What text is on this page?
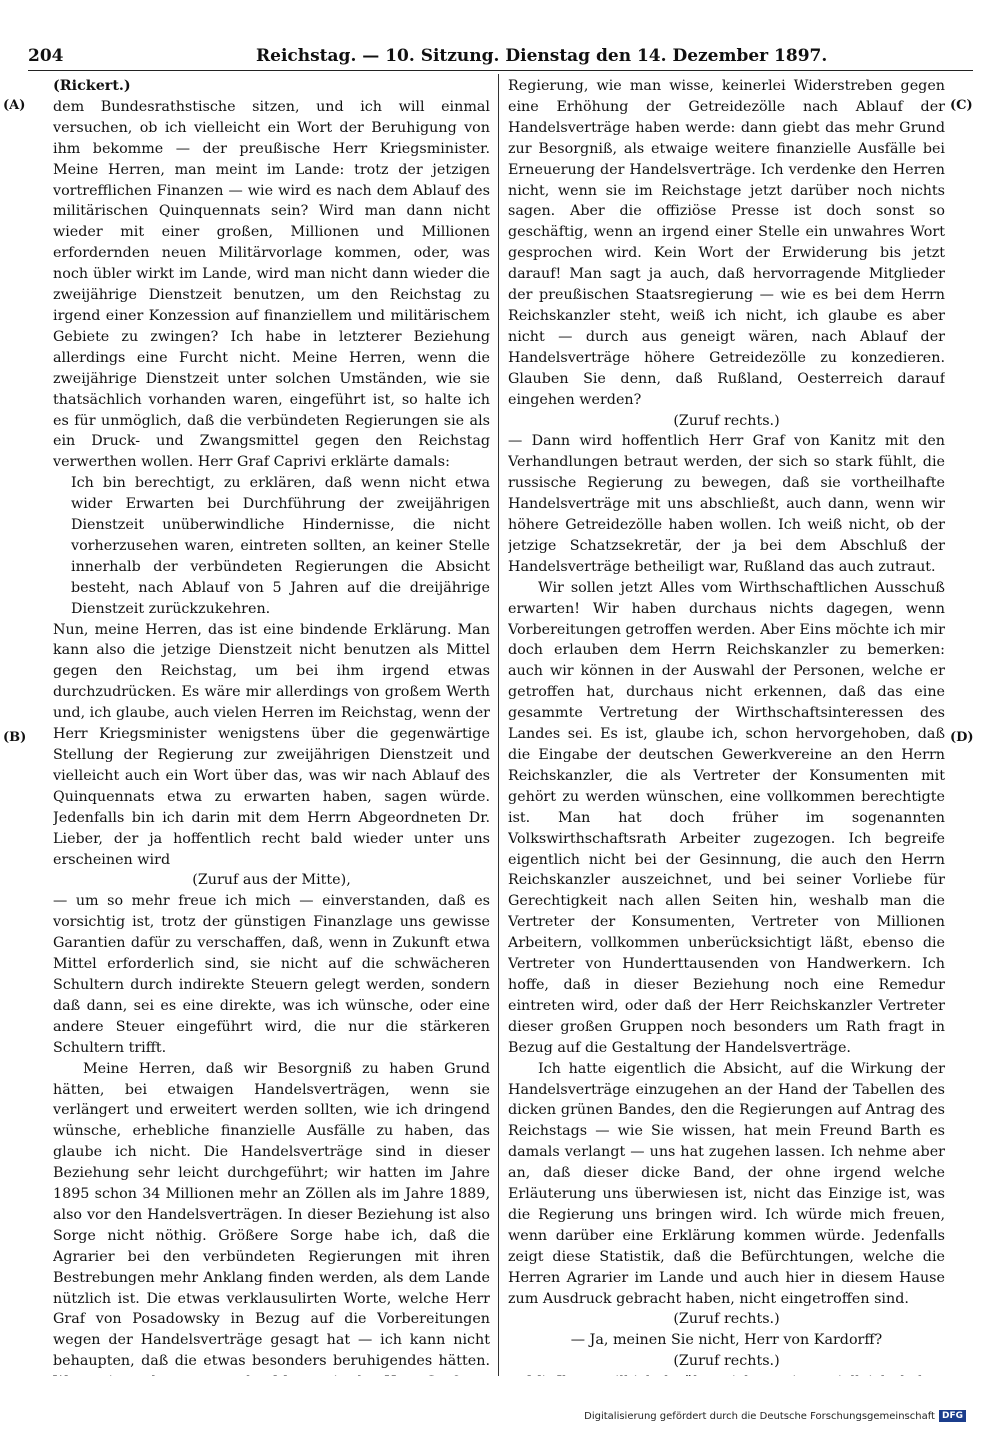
204	Reichstag. — 10. Sitzung. Dienstag den 14. Dezember 1897.
(A)
(B)
(C)
(D)

(Rickert.)

dem Bundesrathstische sitzen, und ich will einmal versuchen, ob ich vielleicht ein Wort der Beruhigung von ihm bekomme — der preußische Herr Kriegsminister. Meine Herren, man meint im Lande: trotz der jetzigen vortrefflichen Finanzen — wie wird es nach dem Ablauf des militärischen Quinquennats sein? Wird man dann nicht wieder mit einer großen, Millionen und Millionen erfordernden neuen Militärvorlage kommen, oder, was noch übler wirkt im Lande, wird man nicht dann wieder die zweijährige Dienstzeit benutzen, um den Reichstag zu irgend einer Konzession auf finanziellem und militärischem Gebiete zu zwingen? Ich habe in letzterer Beziehung allerdings eine Furcht nicht. Meine Herren, wenn die zweijährige Dienstzeit unter solchen Umständen, wie sie thatsächlich vorhanden waren, eingeführt ist, so halte ich es für unmöglich, daß die verbündeten Regierungen sie als ein Druck- und Zwangsmittel gegen den Reichstag verwerthen wollen. Herr Graf Caprivi erklärte damals:

Ich bin berechtigt, zu erklären, daß wenn nicht etwa wider Erwarten bei Durchführung der zweijährigen Dienstzeit unüberwindliche Hindernisse, die nicht vorherzusehen waren, eintreten sollten, an keiner Stelle innerhalb der verbündeten Regierungen die Absicht besteht, nach Ablauf von 5 Jahren auf die dreijährige Dienstzeit zurückzukehren.

Nun, meine Herren, das ist eine bindende Erklärung. Man kann also die jetzige Dienstzeit nicht benutzen als Mittel gegen den Reichstag, um bei ihm irgend etwas durchzudrücken. Es wäre mir allerdings von großem Werth und, ich glaube, auch vielen Herren im Reichstag, wenn der Herr Kriegsminister wenigstens über die gegenwärtige Stellung der Regierung zur zweijährigen Dienstzeit und vielleicht auch ein Wort über das, was wir nach Ablauf des Quinquennats etwa zu erwarten haben, sagen würde. Jedenfalls bin ich darin mit dem Herrn Abgeordneten Dr. Lieber, der ja hoffentlich recht bald wieder unter uns erscheinen wird

(Zuruf aus der Mitte),

— um so mehr freue ich mich — einverstanden, daß es vorsichtig ist, trotz der günstigen Finanzlage uns gewisse Garantien dafür zu verschaffen, daß, wenn in Zukunft etwa Mittel erforderlich sind, sie nicht auf die schwächeren Schultern durch indirekte Steuern gelegt werden, sondern daß dann, sei es eine direkte, was ich wünsche, oder eine andere Steuer eingeführt wird, die nur die stärkeren Schultern trifft.

Meine Herren, daß wir Besorgniß zu haben Grund hätten, bei etwaigen Handelsverträgen, wenn sie verlängert und erweitert werden sollten, wie ich dringend wünsche, erhebliche finanzielle Ausfälle zu haben, das glaube ich nicht. Die Handelsverträge sind in dieser Beziehung sehr leicht durchgeführt; wir hatten im Jahre 1895 schon 34 Millionen mehr an Zöllen als im Jahre 1889, also vor den Handelsverträgen. In dieser Beziehung ist also Sorge nicht nöthig. Größere Sorge habe ich, daß die Agrarier bei den verbündeten Regierungen mit ihren Bestrebungen mehr Anklang finden werden, als dem Lande nützlich ist. Die etwas verklausulirten Worte, welche Herr Graf von Posadowsky in Bezug auf die Vorbereitungen wegen der Handelsverträge gesagt hat — ich kann nicht behaupten, daß die etwas besonders beruhigendes hätten.

Regierung, wie man wisse, keinerlei Widerstreben gegen eine Erhöhung der Getreidezölle nach Ablauf der Handelsverträge haben werde: dann giebt das mehr Grund zur Besorgniß, als etwaige weitere finanzielle Ausfälle bei Erneuerung der Handelsverträge. Ich verdenke den Herren nicht, wenn sie im Reichstage jetzt darüber noch nichts sagen. Aber die offiziöse Presse ist doch sonst so geschäftig, wenn an irgend einer Stelle ein unwahres Wort gesprochen wird. Kein Wort der Erwiderung bis jetzt darauf! Man sagt ja auch, daß hervorragende Mitglieder der preußischen Staatsregierung — wie es bei dem Herrn Reichskanzler steht, weiß ich nicht, ich glaube es aber nicht — durch aus geneigt wären, nach Ablauf der Handelsverträge höhere Getreidezölle zu konzedieren. Glauben Sie denn, daß Rußland, Oesterreich darauf eingehen werden?

(Zuruf rechts.)

— Dann wird hoffentlich Herr Graf von Kanitz mit den Verhandlungen betraut werden, der sich so stark fühlt, die russische Regierung zu bewegen, daß sie vortheilhafte Handelsverträge mit uns abschließt, auch dann, wenn wir höhere Getreidezölle haben wollen. Ich weiß nicht, ob der jetzige Schatzsekretär, der ja bei dem Abschluß der Handelsverträge betheiligt war, Rußland das auch zutraut.

Wir sollen jetzt Alles vom Wirthschaftlichen Ausschuß erwarten! Wir haben durchaus nichts dagegen, wenn Vorbereitungen getroffen werden. Aber Eins möchte ich mir doch erlauben dem Herrn Reichskanzler zu bemerken: auch wir können in der Auswahl der Personen, welche er getroffen hat, durchaus nicht erkennen, daß das eine gesammte Vertretung der Wirthschaftsinteressen des Landes sei. Es ist, glaube ich, schon hervorgehoben, daß die Eingabe der deutschen Gewerkvereine an den Herrn Reichskanzler, die als Vertreter der Konsumenten mit gehört zu werden wünschen, eine vollkommen berechtigte ist. Man hat doch früher im sogenannten Volkswirthschaftsrath Arbeiter zugezogen. Ich begreife eigentlich nicht bei der Gesinnung, die auch den Herrn Reichskanzler auszeichnet, und bei seiner Vorliebe für Gerechtigkeit nach allen Seiten hin, weshalb man die Vertreter der Konsumenten, Vertreter von Millionen Arbeitern, vollkommen unberücksichtigt läßt, ebenso die Vertreter von Hunderttausenden von Handwerkern. Ich hoffe, daß in dieser Beziehung noch eine Remedur eintreten wird, oder daß der Herr Reichskanzler Vertreter dieser großen Gruppen noch besonders um Rath fragt in Bezug auf die Gestaltung der Handelsverträge.

Ich hatte eigentlich die Absicht, auf die Wirkung der Handelsverträge einzugehen an der Hand der Tabellen des dicken grünen Bandes, den die Regierungen auf Antrag des Reichstags — wie Sie wissen, hat mein Freund Barth es damals verlangt — uns hat zugehen lassen. Ich nehme aber an, daß dieser dicke Band, der ohne irgend welche Erläuterung uns überwiesen ist, nicht das Einzige ist, was die Regierung uns bringen wird. Ich würde mich freuen, wenn darüber eine Erklärung kommen würde. Jedenfalls zeigt diese Statistik, daß die Befürchtungen, welche die Herren Agrarier im Lande und auch hier in diesem Hause zum Ausdruck gebracht haben, nicht eingetroffen sind.

(Zuruf rechts.)

— Ja, meinen Sie nicht, Herr von Kardorff?

(Zuruf rechts.)

Digitalisierung gefördert durch die Deutsche Forschungsgemeinschaft DFG
